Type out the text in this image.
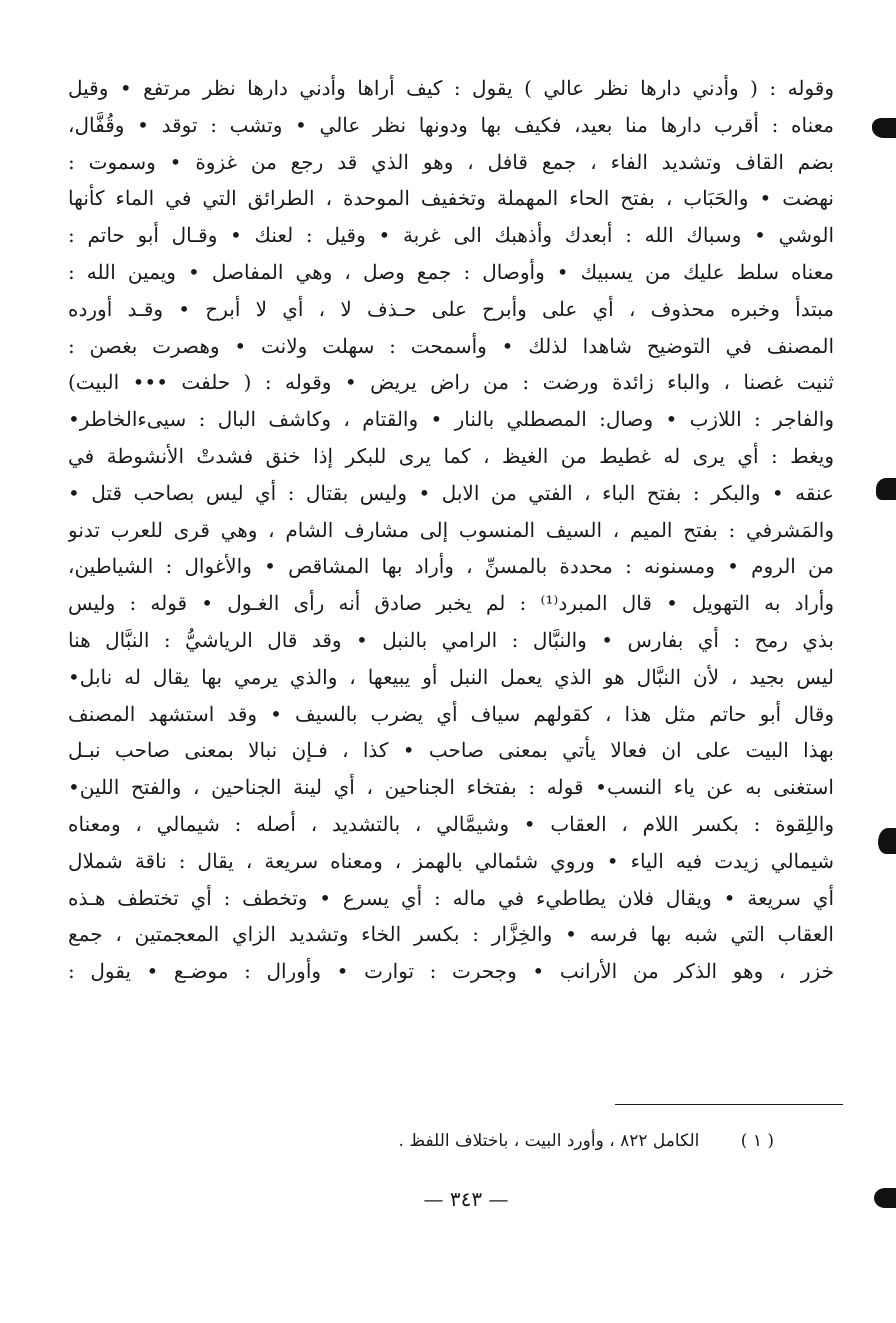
وقوله : ( وأدني دارها نظر عالي ) يقول : كيف أراها وأدني دارها نظر مرتفع • وقيل
معناه : أقرب دارها منا بعيد، فكيف بها ودونها نظر عالي • وتشب : توقد • وقُفَّال،
بضم القاف وتشديد الفاء ، جمع قافل ، وهو الذي قد رجع من غزوة • وسموت :
نهضت • والحَبَاب ، بفتح الحاء المهملة وتخفيف الموحدة ، الطرائق التي في الماء كأنها
الوشي • وسباك الله : أبعدك وأذهبك الى غربة • وقيل : لعنك • وقـال أبو حاتم :
معناه سلط عليك من يسبيك • وأوصال : جمع وصل ، وهي المفاصل • ويمين الله :
مبتدأ وخبره محذوف ، أي على وأبرح على حـذف لا ، أي لا أبرح • وقـد أورده
المصنف في التوضيح شاهدا لذلك • وأسمحت : سهلت ولانت • وهصرت بغصن :
ثنيت غصنا ، والباء زائدة ورضت : من راض يريض • وقوله : ( حلفت ••• البيت)
والفاجر : اللازب • وصال: المصطلي بالنار • والقتام ، وكاشف البال : سيىءالخاطر•
ويغط : أي يرى له غطيط من الغيظ ، كما يرى للبكر إذا خنق فشدتْ الأنشوطة في
عنقه • والبكر : بفتح الباء ، الفتي من الابل • وليس بقتال : أي ليس بصاحب قتل •
والمَشرفي : بفتح الميم ، السيف المنسوب إلى مشارف الشام ، وهي قرى للعرب تدنو
من الروم • ومسنونه : محددة بالمسنِّ ، وأراد بها المشاقص • والأغوال : الشياطين،
وأراد به التهويل • قال المبرد⁽¹⁾ : لم يخبر صادق أنه رأى الغـول • قوله : وليس
بذي رمح : أي بفارس • والنبَّال : الرامي بالنبل • وقد قال الرياشيُّ : النبَّال هنا
ليس بجيد ، لأن النبَّال هو الذي يعمل النبل أو يبيعها ، والذي يرمي بها يقال له نابل•
وقال أبو حاتم مثل هذا ، كقولهم سياف أي يضرب بالسيف • وقد استشهد المصنف
بهذا البيت على ان فعالا يأتي بمعنى صاحب • كذا ، فـإن نبالا بمعنى صاحب نبـل
استغنى به عن ياء النسب• قوله : بفتخاء الجناحين ، أي لينة الجناحين ، والفتح اللين•
واللِقوة : بكسر اللام ، العقاب • وشيمَّالي ، بالتشديد ، أصله : شيمالي ، ومعناه
شيمالي زيدت فيه الياء • وروي شئمالي بالهمز ، ومعناه سريعة ، يقال : ناقة شملال
أي سريعة • ويقال فلان يطاطيء في ماله : أي يسرع • وتخطف : أي تختطف هـذه
العقاب التي شبه بها فرسه • والخِزَّار : بكسر الخاء وتشديد الزاي المعجمتين ، جمع
خزر ، وهو الذكر من الأرانب • وجحرت : توارت • وأورال : موضـع • يقول :
( ١ ) الكامل ٨٢٢ ، وأورد البيت ، باختلاف اللفظ .
— ٣٤٣ —
